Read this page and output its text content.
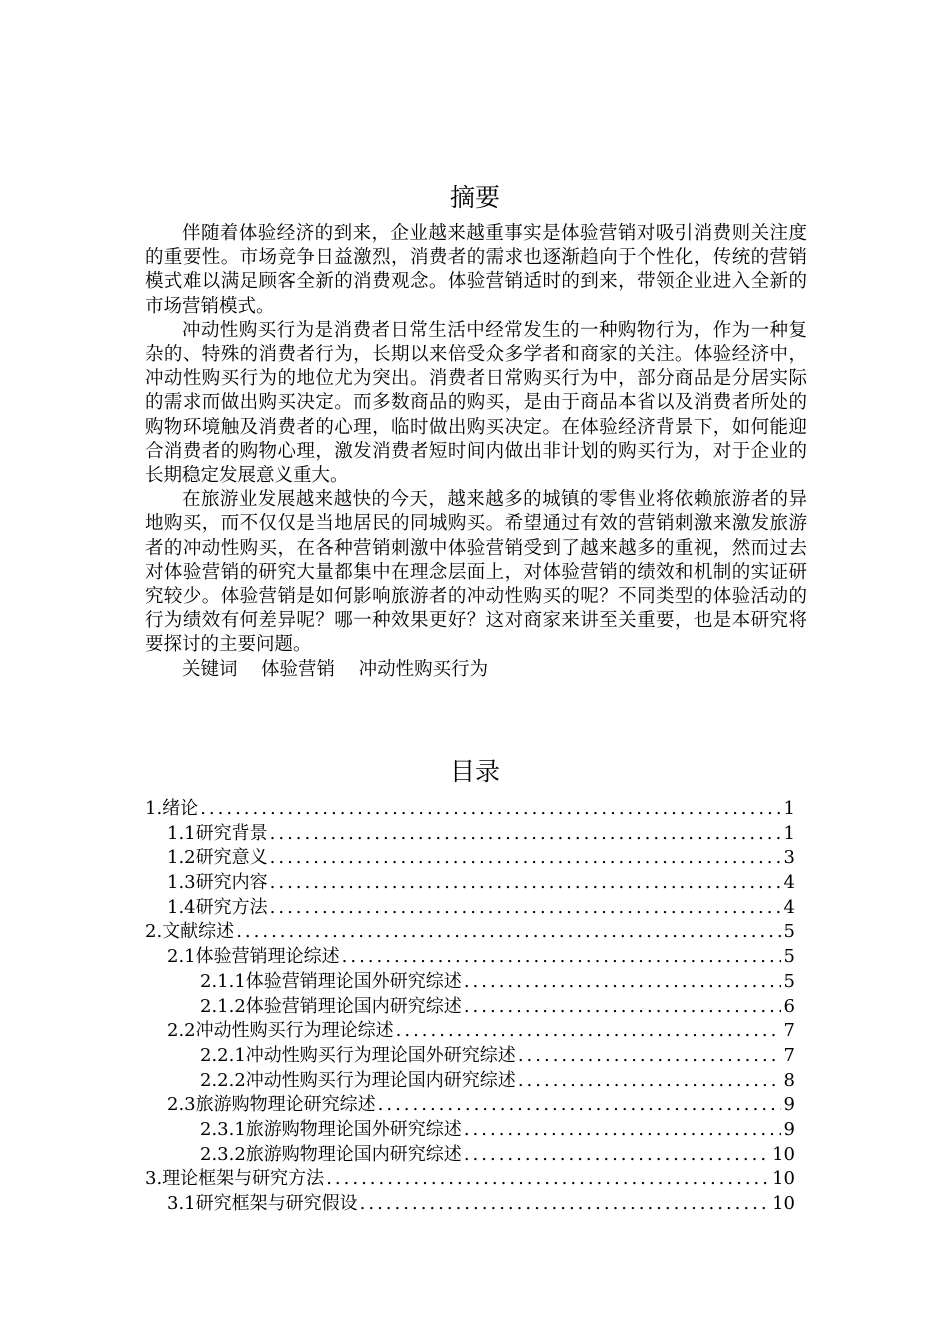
摘要

伴随着体验经济的到来，企业越来越重事实是体验营销对吸引消费则关注度的重要性。市场竞争日益激烈，消费者的需求也逐渐趋向于个性化，传统的营销模式难以满足顾客全新的消费观念。体验营销适时的到来，带领企业进入全新的市场营销模式。

冲动性购买行为是消费者日常生活中经常发生的一种购物行为，作为一种复杂的、特殊的消费者行为，长期以来倍受众多学者和商家的关注。体验经济中，冲动性购买行为的地位尤为突出。消费者日常购买行为中，部分商品是分居实际的需求而做出购买决定。而多数商品的购买，是由于商品本省以及消费者所处的购物环境触及消费者的心理，临时做出购买决定。在体验经济背景下，如何能迎合消费者的购物心理，激发消费者短时间内做出非计划的购买行为，对于企业的长期稳定发展意义重大。

在旅游业发展越来越快的今天，越来越多的城镇的零售业将依赖旅游者的异地购买，而不仅仅是当地居民的同城购买。希望通过有效的营销刺激来激发旅游者的冲动性购买，在各种营销刺激中体验营销受到了越来越多的重视，然而过去对体验营销的研究大量都集中在理念层面上，对体验营销的绩效和机制的实证研究较少。体验营销是如何影响旅游者的冲动性购买的呢？不同类型的体验活动的行为绩效有何差异呢？哪一种效果更好？这对商家来讲至关重要，也是本研究将要探讨的主要问题。

关键词 体验营销 冲动性购买行为

目录
1.绪论 .....	1
1.1研究背景 .....	1
1.2研究意义 .....	3
1.3研究内容 .....	4
1.4研究方法 .....	4
2.文献综述 .....	5
2.1体验营销理论综述 .....	5
2.1.1体验营销理论国外研究综述 .....	5
2.1.2体验营销理论国内研究综述 .....	6
2.2冲动性购买行为理论综述 .....	7
2.2.1冲动性购买行为理论国外研究综述 .....	7
2.2.2冲动性购买行为理论国内研究综述 .....	8
2.3旅游购物理论研究综述 .....	9
2.3.1旅游购物理论国外研究综述 .....	9
2.3.2旅游购物理论国内研究综述 .....	10
3.理论框架与研究方法 .....	10
3.1研究框架与研究假设 .....	10
